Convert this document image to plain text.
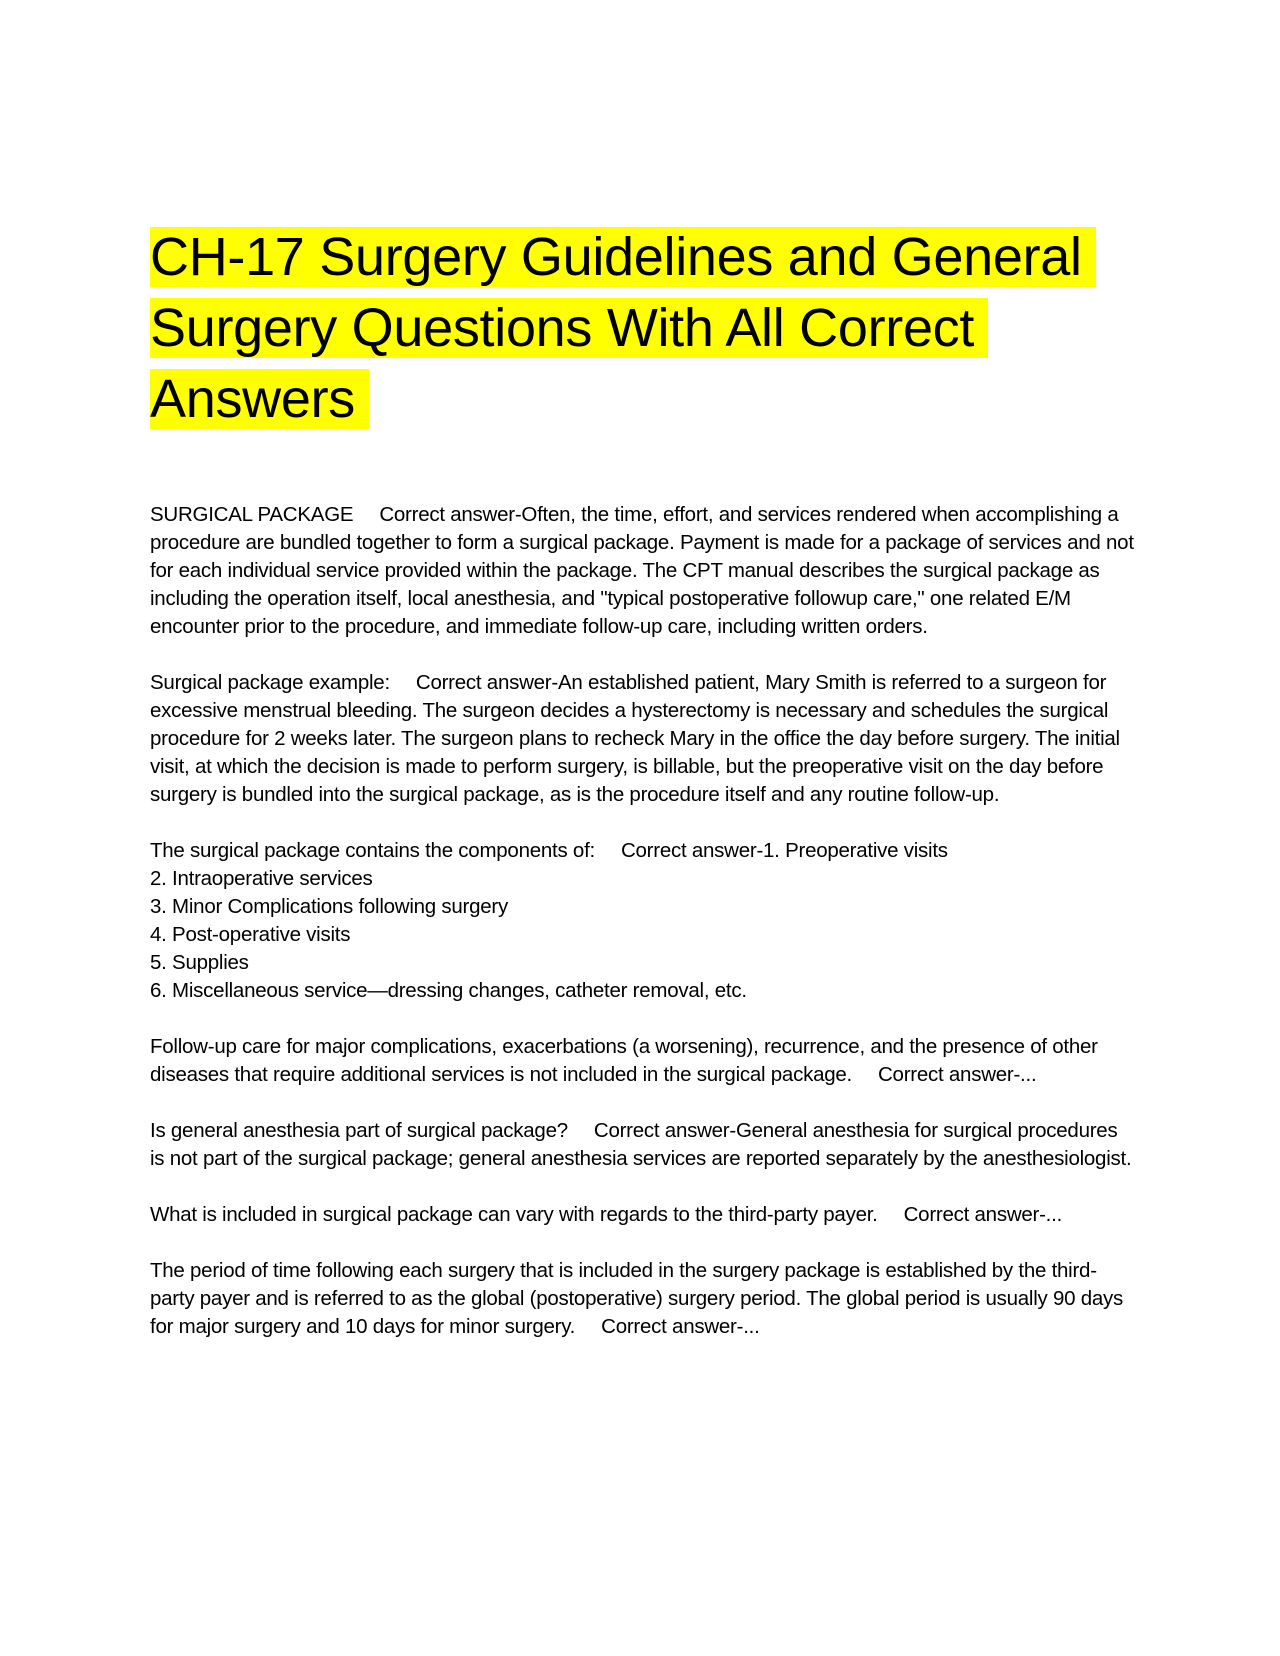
CH-17 Surgery Guidelines and General Surgery Questions With All Correct Answers

SURGICAL PACKAGE Correct answer-Often, the time, effort, and services rendered when accomplishing a procedure are bundled together to form a surgical package. Payment is made for a package of services and not for each individual service provided within the package. The CPT manual describes the surgical package as including the operation itself, local anesthesia, and "typical postoperative followup care," one related E/M encounter prior to the procedure, and immediate follow-up care, including written orders.

Surgical package example: Correct answer-An established patient, Mary Smith is referred to a surgeon for excessive menstrual bleeding. The surgeon decides a hysterectomy is necessary and schedules the surgical procedure for 2 weeks later. The surgeon plans to recheck Mary in the office the day before surgery. The initial visit, at which the decision is made to perform surgery, is billable, but the preoperative visit on the day before surgery is bundled into the surgical package, as is the procedure itself and any routine follow-up.

The surgical package contains the components of: Correct answer-1. Preoperative visits
2. Intraoperative services
3. Minor Complications following surgery
4. Post-operative visits
5. Supplies
6. Miscellaneous service—dressing changes, catheter removal, etc.

Follow-up care for major complications, exacerbations (a worsening), recurrence, and the presence of other diseases that require additional services is not included in the surgical package. Correct answer-...

Is general anesthesia part of surgical package? Correct answer-General anesthesia for surgical procedures is not part of the surgical package; general anesthesia services are reported separately by the anesthesiologist.

What is included in surgical package can vary with regards to the third-party payer. Correct answer-...

The period of time following each surgery that is included in the surgery package is established by the third-party payer and is referred to as the global (postoperative) surgery period. The global period is usually 90 days for major surgery and 10 days for minor surgery. Correct answer-...
